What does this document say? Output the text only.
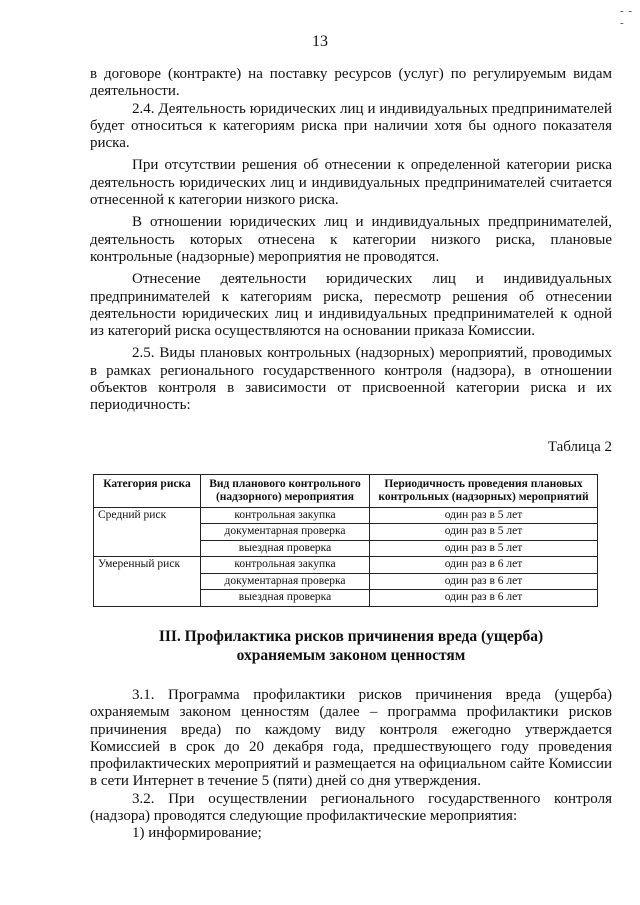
- - -
13

в договоре (контракте) на поставку ресурсов (услуг) по регулируемым видам деятельности.

2.4. Деятельность юридических лиц и индивидуальных предпринимателей будет относиться к категориям риска при наличии хотя бы одного показателя риска.

При отсутствии решения об отнесении к определенной категории риска деятельность юридических лиц и индивидуальных предпринимателей считается отнесенной к категории низкого риска.

В отношении юридических лиц и индивидуальных предпринимателей, деятельность которых отнесена к категории низкого риска, плановые контрольные (надзорные) мероприятия не проводятся.

Отнесение деятельности юридических лиц и индивидуальных предпринимателей к категориям риска, пересмотр решения об отнесении деятельности юридических лиц и индивидуальных предпринимателей к одной из категорий риска осуществляются на основании приказа Комиссии.

2.5. Виды плановых контрольных (надзорных) мероприятий, проводимых в рамках регионального государственного контроля (надзора), в отношении объектов контроля в зависимости от присвоенной категории риска и их периодичность:

Таблица 2
Категория риска	Вид планового контрольного (надзорного) мероприятия	Периодичность проведения плановых контрольных (надзорных) мероприятий
Средний риск	контрольная закупка	один раз в 5 лет
	документарная проверка	один раз в 5 лет
	выездная проверка	один раз в 5 лет
Умеренный риск	контрольная закупка	один раз в 6 лет
	документарная проверка	один раз в 6 лет
	выездная проверка	один раз в 6 лет
III. Профилактика рисков причинения вреда (ущерба)
охраняемым законом ценностям

3.1. Программа профилактики рисков причинения вреда (ущерба) охраняемым законом ценностям (далее – программа профилактики рисков причинения вреда) по каждому виду контроля ежегодно утверждается Комиссией в срок до 20 декабря года, предшествующего году проведения профилактических мероприятий и размещается на официальном сайте Комиссии в сети Интернет в течение 5 (пяти) дней со дня утверждения.

3.2. При осуществлении регионального государственного контроля (надзора) проводятся следующие профилактические мероприятия:

1) информирование;
